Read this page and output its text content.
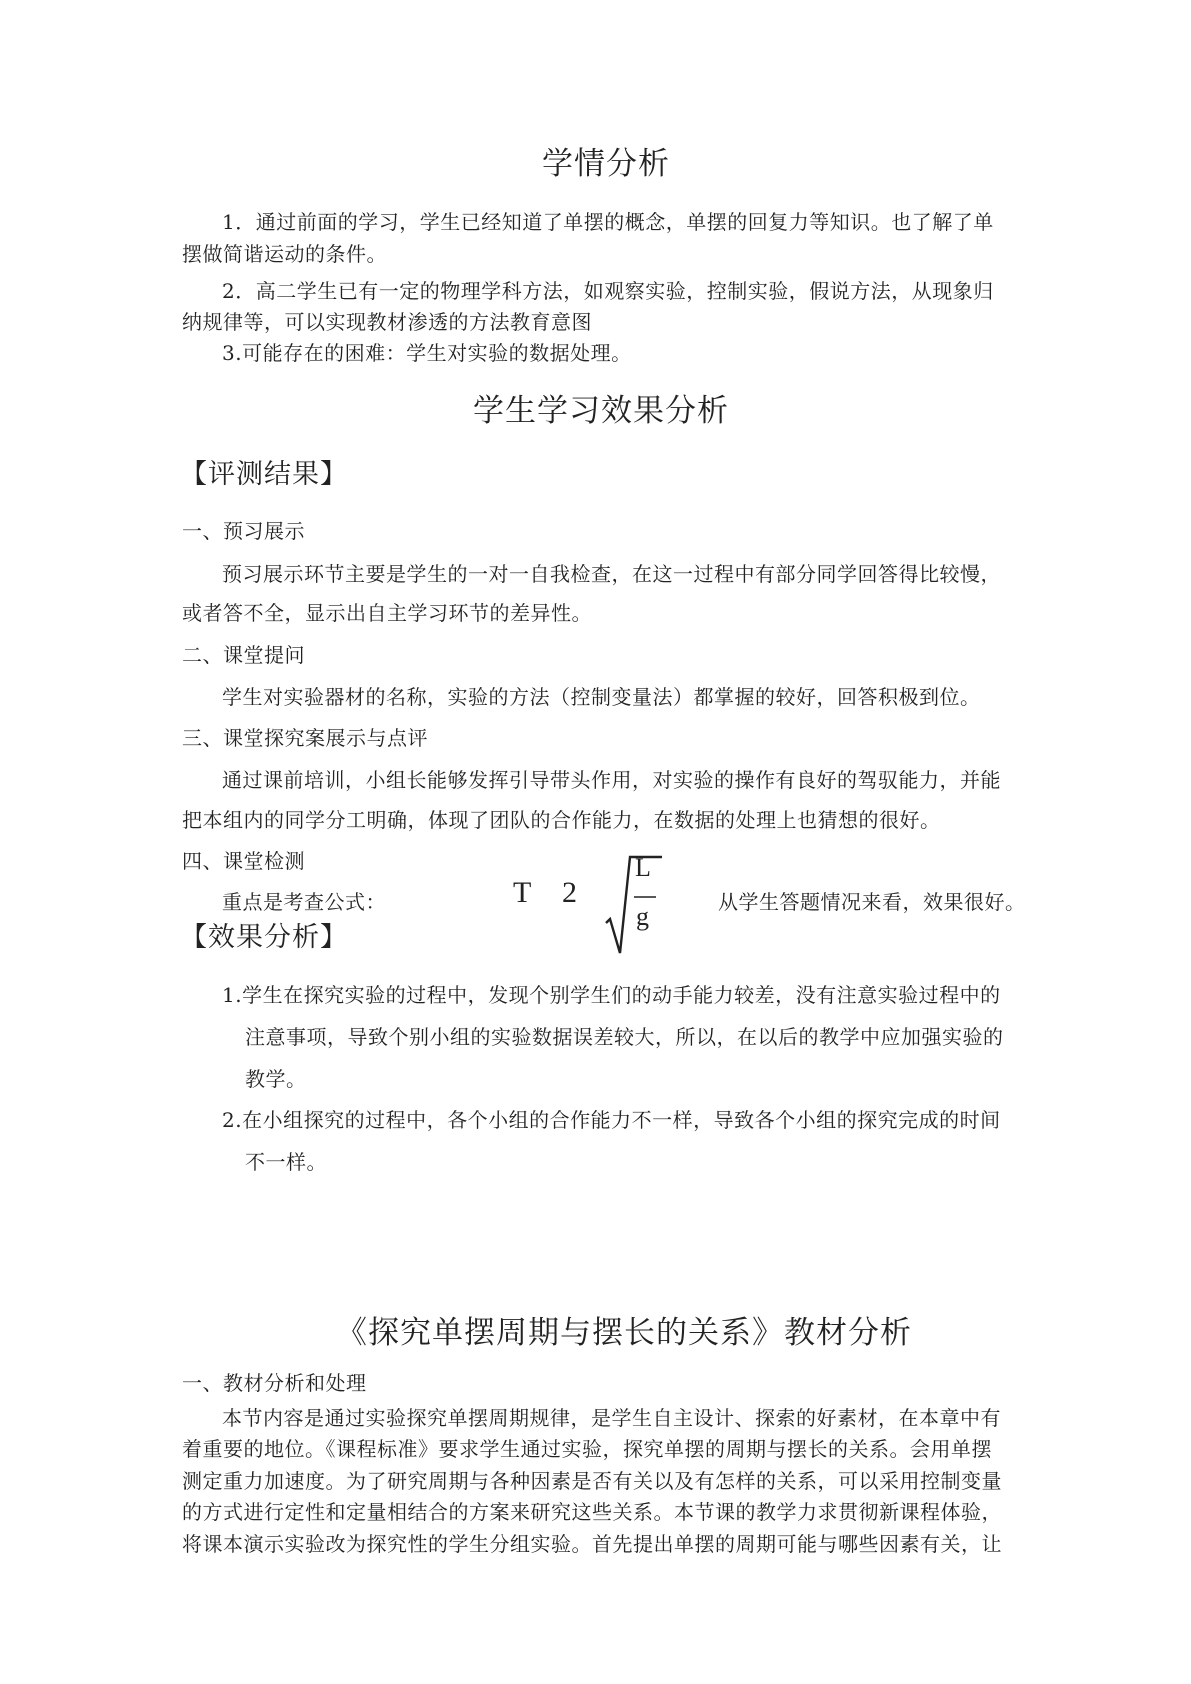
学情分析
1．通过前面的学习，学生已经知道了单摆的概念，单摆的回复力等知识。也了解了单
摆做简谐运动的条件。
2．高二学生已有一定的物理学科方法，如观察实验，控制实验，假说方法，从现象归
纳规律等，可以实现教材渗透的方法教育意图
3.可能存在的困难：学生对实验的数据处理。
学生学习效果分析
【评测结果】
一、预习展示
预习展示环节主要是学生的一对一自我检查，在这一过程中有部分同学回答得比较慢，
或者答不全，显示出自主学习环节的差异性。
二、课堂提问
学生对实验器材的名称，实验的方法（控制变量法）都掌握的较好，回答积极到位。
三、课堂探究案展示与点评
通过课前培训，小组长能够发挥引导带头作用，对实验的操作有良好的驾驭能力，并能
把本组内的同学分工明确，体现了团队的合作能力，在数据的处理上也猜想的很好。
四、课堂检测
重点是考查公式：	T 2
L
g	从学生答题情况来看，效果很好。
【效果分析】
1.学生在探究实验的过程中，发现个别学生们的动手能力较差，没有注意实验过程中的
注意事项，导致个别小组的实验数据误差较大，所以，在以后的教学中应加强实验的
教学。
2.在小组探究的过程中，各个小组的合作能力不一样，导致各个小组的探究完成的时间
不一样。
《探究单摆周期与摆长的关系》教材分析
一、教材分析和处理
本节内容是通过实验探究单摆周期规律，是学生自主设计、探索的好素材，在本章中有
着重要的地位。《课程标准》要求学生通过实验，探究单摆的周期与摆长的关系。会用单摆
测定重力加速度。为了研究周期与各种因素是否有关以及有怎样的关系，可以采用控制变量
的方式进行定性和定量相结合的方案来研究这些关系。本节课的教学力求贯彻新课程体验，
将课本演示实验改为探究性的学生分组实验。首先提出单摆的周期可能与哪些因素有关，让
